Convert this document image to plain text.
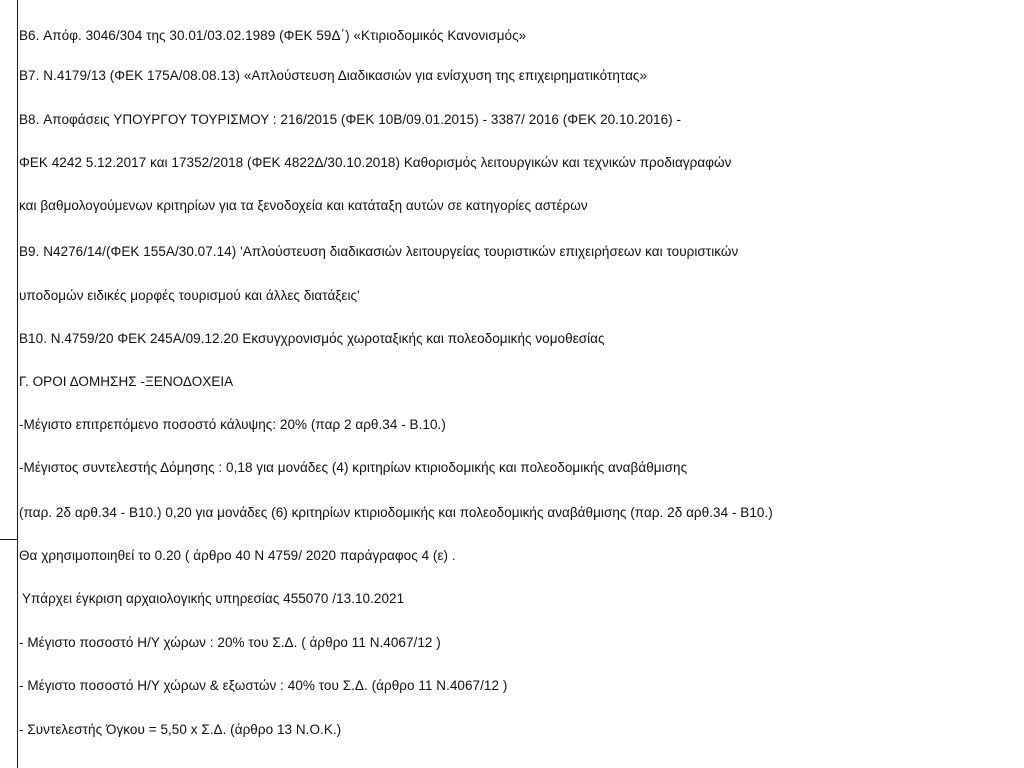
B6. Απόφ. 3046/304 της 30.01/03.02.1989 (ΦΕΚ 59Δ΄) «Κτιριοδομικός Κανονισμός»
B7. Ν.4179/13 (ΦΕΚ 175Α/08.08.13) «Απλούστευση Διαδικασιών για ενίσχυση της επιχειρηματικότητας»
B8. Αποφάσεις ΥΠΟΥΡΓΟΥ ΤΟΥΡΙΣΜΟΥ : 216/2015 (ΦΕΚ 10Β/09.01.2015) - 3387/ 2016 (ΦΕΚ 20.10.2016) -
ΦΕΚ 4242 5.12.2017 και 17352/2018 (ΦΕΚ 4822Δ/30.10.2018) Καθορισμός λειτουργικών και τεχνικών προδιαγραφών
και βαθμολογούμενων κριτηρίων για τα ξενοδοχεία και κατάταξη αυτών σε κατηγορίες αστέρων
B9. Ν4276/14/(ΦΕΚ 155Α/30.07.14) 'Απλούστευση διαδικασιών λειτουργείας τουριστικών επιχειρήσεων και τουριστικών
υποδομών ειδικές μορφές τουρισμού και άλλες διατάξεις'
B10. Ν.4759/20 ΦΕΚ 245Α/09.12.20 Εκσυγχρονισμός χωροταξικής και πολεοδομικής νομοθεσίας
Γ. ΟΡΟΙ ΔΟΜΗΣΗΣ -ΞΕΝΟΔΟΧΕΙΑ
-Μέγιστο επιτρεπόμενο ποσοστό κάλυψης: 20% (παρ 2 αρθ.34 - Β.10.)
-Μέγιστος συντελεστής Δόμησης : 0,18 για μονάδες (4) κριτηρίων κτιριοδομικής και πολεοδομικής αναβάθμισης
(παρ. 2δ αρθ.34 - Β10.) 0,20 για μονάδες (6) κριτηρίων κτιριοδομικής και πολεοδομικής αναβάθμισης (παρ. 2δ αρθ.34 - Β10.)
Θα χρησιμοποιηθεί το 0.20 ( άρθρο 40 Ν 4759/ 2020 παράγραφος 4 (ε) .
Υπάρχει έγκριση αρχαιολογικής υπηρεσίας 455070 /13.10.2021
- Μέγιστο ποσοστό Η/Υ χώρων : 20% του Σ.Δ. ( άρθρο 11 Ν.4067/12 )
- Μέγιστο ποσοστό Η/Υ χώρων & εξωστών : 40% του Σ.Δ. (άρθρο 11 Ν.4067/12 )
- Συντελεστής Όγκου = 5,50 x Σ.Δ. (άρθρο 13 Ν.Ο.Κ.)
